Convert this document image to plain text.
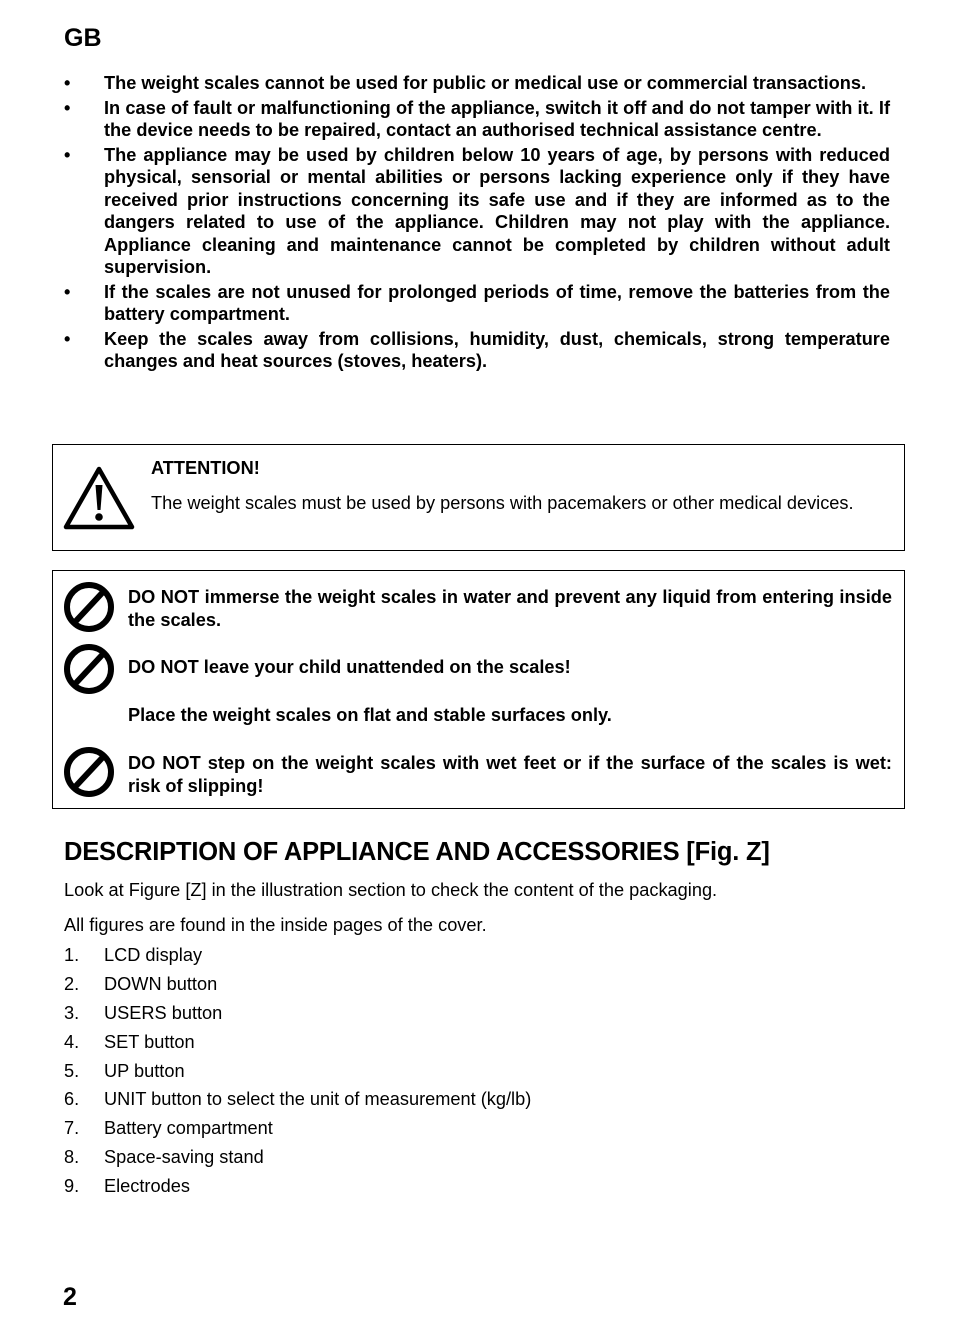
GB
• The weight scales cannot be used for public or medical use or commercial transactions.
• In case of fault or malfunctioning of the appliance, switch it off and do not tamper with it. If the device needs to be repaired, contact an authorised technical assistance centre.
• The appliance may be used by children below 10 years of age, by persons with reduced physical, sensorial or mental abilities or persons lacking experience only if they have received prior instructions concerning its safe use and if they are informed as to the dangers related to use of the appliance. Children may not play with the appliance. Appliance cleaning and maintenance cannot be completed by children without adult supervision.
• If the scales are not unused for prolonged periods of time, remove the batteries from the battery compartment.
• Keep the scales away from collisions, humidity, dust, chemicals, strong temperature changes and heat sources (stoves, heaters).
ATTENTION!
The weight scales must be used by persons with pacemakers or other medical devices.
DO NOT immerse the weight scales in water and prevent any liquid from entering inside the scales.
DO NOT leave your child unattended on the scales!
Place the weight scales on flat and stable surfaces only.
DO NOT step on the weight scales with wet feet or if the surface of the scales is wet: risk of slipping!
DESCRIPTION OF APPLIANCE AND ACCESSORIES [Fig. Z]
Look at Figure [Z] in the illustration section to check the content of the packaging.
All figures are found in the inside pages of the cover.
1. LCD display
2. DOWN button
3. USERS button
4. SET button
5. UP button
6. UNIT button to select the unit of measurement (kg/lb)
7. Battery compartment
8. Space-saving stand
9. Electrodes
2
